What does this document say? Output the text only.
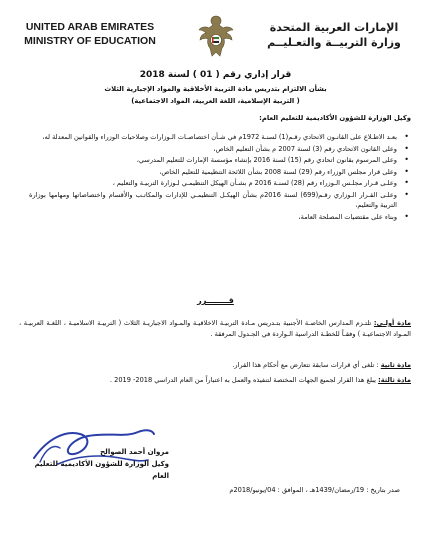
UNITED ARAB EMIRATES
MINISTRY OF EDUCATION
الإمارات العربية المتحدة
وزارة التربيــة والتعـليــم
قرار إداري رقم ( 01 ) لسنة 2018
بشأن الالتزام بتدريس مادة التربية الأخلاقية والمواد الإجبارية الثلاث
( التربية الإسلامية، اللغة العربية، المواد الاجتماعية)
وكيل الوزارة للشؤون الأكاديمية للتعليم العام:
• بعـد الاطـلاع على القانـون الاتحادي رقـم(1) لسنـة 1972م في شـأن اختصاصـات الـوزارات وصلاحيات الوزراء والقوانين المعدلة له،
• وعلى القانون الاتحادي رقم (3) لسنة 2007 م بشأن التعليم الخاص،
• وعلى المرسوم بقانون اتحادي رقم (15) لسنة 2016 بإنشاء مؤسسة الإمارات للتعليم المدرسي،
• وعلى قرار مجلس الوزراء رقم (29) لسنة 2008 بشأن اللائحة التنظيمية للتعليم الخاص،
• وعلـى قـرار مجلـس الـوزراء رقم (28) لسنـة 2016 م بشـأن الهيكل التنظيمـي لـوزارة التربيـة والتعليم ،
• وعلـى القـرار الـوزاري رقـم(699) لسنة 2016م بشأن الهيكـل التنظيمـي للإدارات والمكاتـب والأقسام واختصاصاتها ومهامها بوزارة التربية والتعليم،
• وبناء على مقتضيات المصلحة العامة،
قــــــــرر
مادة أولـى: تلتـزم المدارس الخاصـة الأجنبية بتـدريس مـادة التربيـة الاخلاقيـة والمـواد الاجباريـة الثلاث ( التربيـة الاسلاميـة ، اللغـة العربيـة ، المـواد الاجتماعيـة ) وفقـاً للخطـة الدراسية الـواردة في الجـدول المرفقة .
مادة ثانية : تلغى أي قرارات سابقة تتعارض مع أحكام هذا القرار.
مادة ثالثة: يبلغ هذا القرار لجميع الجهات المختصة لتنفيذه والعمل به اعتباراً من العام الدراسي 2018- 2019 .
مروان أحمد الصوالح
وكيل الوزارة للشؤون الأكاديمية للتعليم العام
صدر بتاريخ : 19/رمضان/1439هـ ، الموافق : 04/يونيو/2018م
